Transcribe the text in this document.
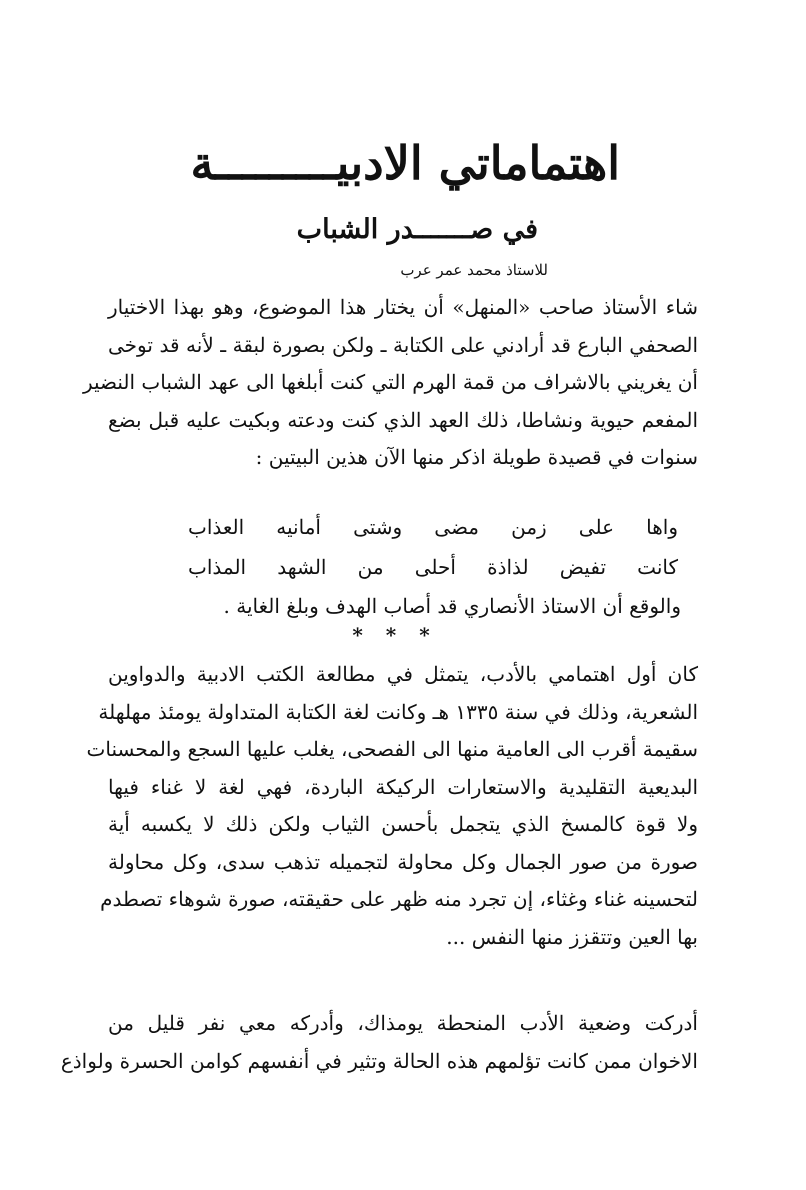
اهتماماتي الادبيـــــــــة
في صـــــــدر الشباب
للاستاذ محمد عمر عرب
شاء الأستاذ صاحب «المنهل» أن يختار هذا الموضوع، وهو بهذا الاختيار
الصحفي البارع قد أرادني على الكتابة ـ ولكن بصورة لبقة ـ لأنه قد توخى
أن يغريني بالاشراف من قمة الهرم التي كنت أبلغها الى عهد الشباب النضير
المفعم حيوية ونشاطا، ذلك العهد الذي كنت ودعته وبكيت عليه قبل بضع
سنوات في قصيدة طويلة اذكر منها الآن هذين البيتين :
واها على زمن مضى وشتى أمانيه العذاب
كانت تفيض لذاذة أحلى من الشهد المذاب
والوقع أن الاستاذ الأنصاري قد أصاب الهدف وبلغ الغاية .
* * *
كان أول اهتمامي بالأدب، يتمثل في مطالعة الكتب الادبية والدواوين
الشعرية، وذلك في سنة ١٣٣٥ هـ وكانت لغة الكتابة المتداولة يومئذ مهلهلة
سقيمة أقرب الى العامية منها الى الفصحى، يغلب عليها السجع والمحسنات
البديعية التقليدية والاستعارات الركيكة الباردة، فهي لغة لا غناء فيها
ولا قوة كالمسخ الذي يتجمل بأحسن الثياب ولكن ذلك لا يكسبه أية
صورة من صور الجمال وكل محاولة لتجميله تذهب سدى، وكل محاولة
لتحسينه غناء وغثاء، إن تجرد منه ظهر على حقيقته، صورة شوهاء تصطدم
بها العين وتتقزز منها النفس ...
أدركت وضعية الأدب المنحطة يومذاك، وأدركه معي نفر قليل من
الاخوان ممن كانت تؤلمهم هذه الحالة وتثير في أنفسهم كوامن الحسرة ولواذع
